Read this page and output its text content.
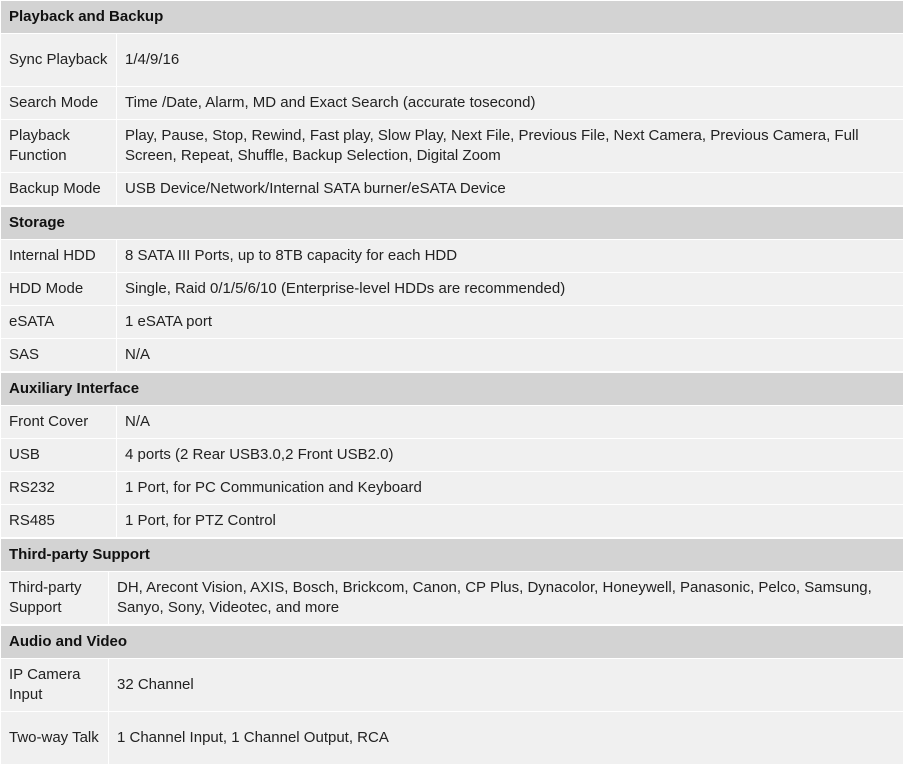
Playback and Backup	
Sync Playback	1/4/9/16
Search Mode	Time /Date, Alarm, MD and Exact Search (accurate tosecond)
Playback Function	Play, Pause, Stop, Rewind, Fast play, Slow Play, Next File, Previous File, Next Camera, Previous Camera, Full Screen, Repeat, Shuffle, Backup Selection, Digital Zoom
Backup Mode	USB Device/Network/Internal SATA burner/eSATA Device
Storage	
Internal HDD	8 SATA III Ports, up to 8TB capacity for each HDD
HDD Mode	Single, Raid 0/1/5/6/10 (Enterprise-level HDDs are recommended)
eSATA	1 eSATA port
SAS	N/A
Auxiliary Interface	
Front Cover	N/A
USB	4 ports (2 Rear USB3.0,2 Front USB2.0)
RS232	1 Port, for PC Communication and Keyboard
RS485	1 Port, for PTZ Control
Third-party Support
Third-party Support	DH, Arecont Vision, AXIS, Bosch, Brickcom, Canon, CP Plus, Dynacolor, Honeywell, Panasonic, Pelco, Samsung, Sanyo, Sony, Videotec, and more
Audio and Video	
IP Camera Input	32 Channel
Two-way Talk	1 Channel Input, 1 Channel Output, RCA
